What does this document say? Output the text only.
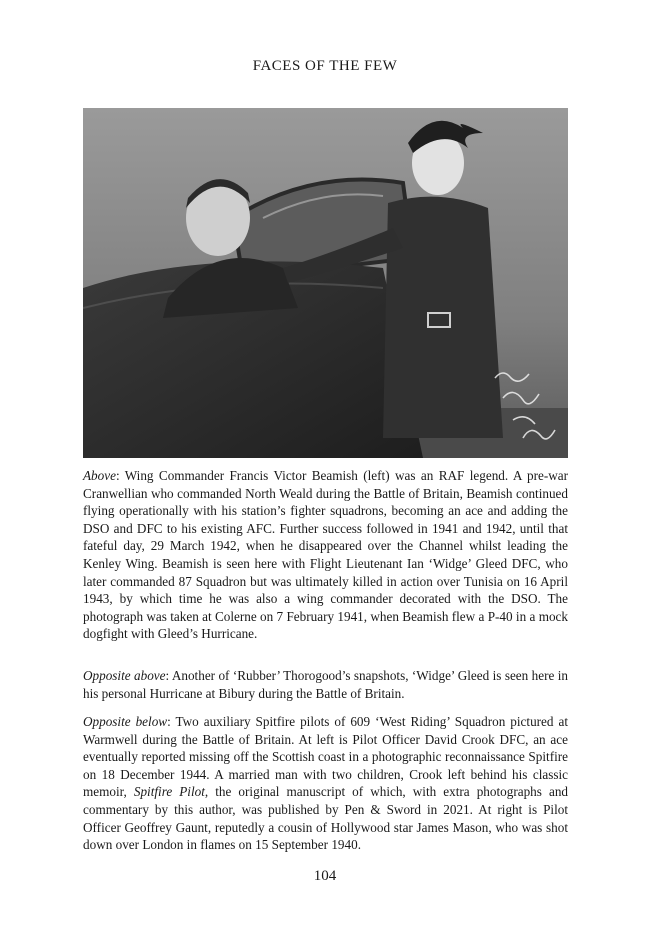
FACES OF THE FEW

Above: Wing Commander Francis Victor Beamish (left) was an RAF legend. A pre-war Cranwellian who commanded North Weald during the Battle of Britain, Beamish continued flying operationally with his station’s fighter squadrons, becoming an ace and adding the DSO and DFC to his existing AFC. Further success followed in 1941 and 1942, until that fateful day, 29 March 1942, when he disappeared over the Channel whilst leading the Kenley Wing. Beamish is seen here with Flight Lieutenant Ian ‘Widge’ Gleed DFC, who later commanded 87 Squadron but was ultimately killed in action over Tunisia on 16 April 1943, by which time he was also a wing commander decorated with the DSO. The photograph was taken at Colerne on 7 February 1941, when Beamish flew a P-40 in a mock dogfight with Gleed’s Hurricane.

Opposite above: Another of ‘Rubber’ Thorogood’s snapshots, ‘Widge’ Gleed is seen here in his personal Hurricane at Bibury during the Battle of Britain.

Opposite below: Two auxiliary Spitfire pilots of 609 ‘West Riding’ Squadron pictured at Warmwell during the Battle of Britain. At left is Pilot Officer David Crook DFC, an ace eventually reported missing off the Scottish coast in a photographic reconnaissance Spitfire on 18 December 1944. A married man with two children, Crook left behind his classic memoir, Spitfire Pilot, the original manuscript of which, with extra photographs and commentary by this author, was published by Pen & Sword in 2021. At right is Pilot Officer Geoffrey Gaunt, reputedly a cousin of Hollywood star James Mason, who was shot down over London in flames on 15 September 1940.

104
